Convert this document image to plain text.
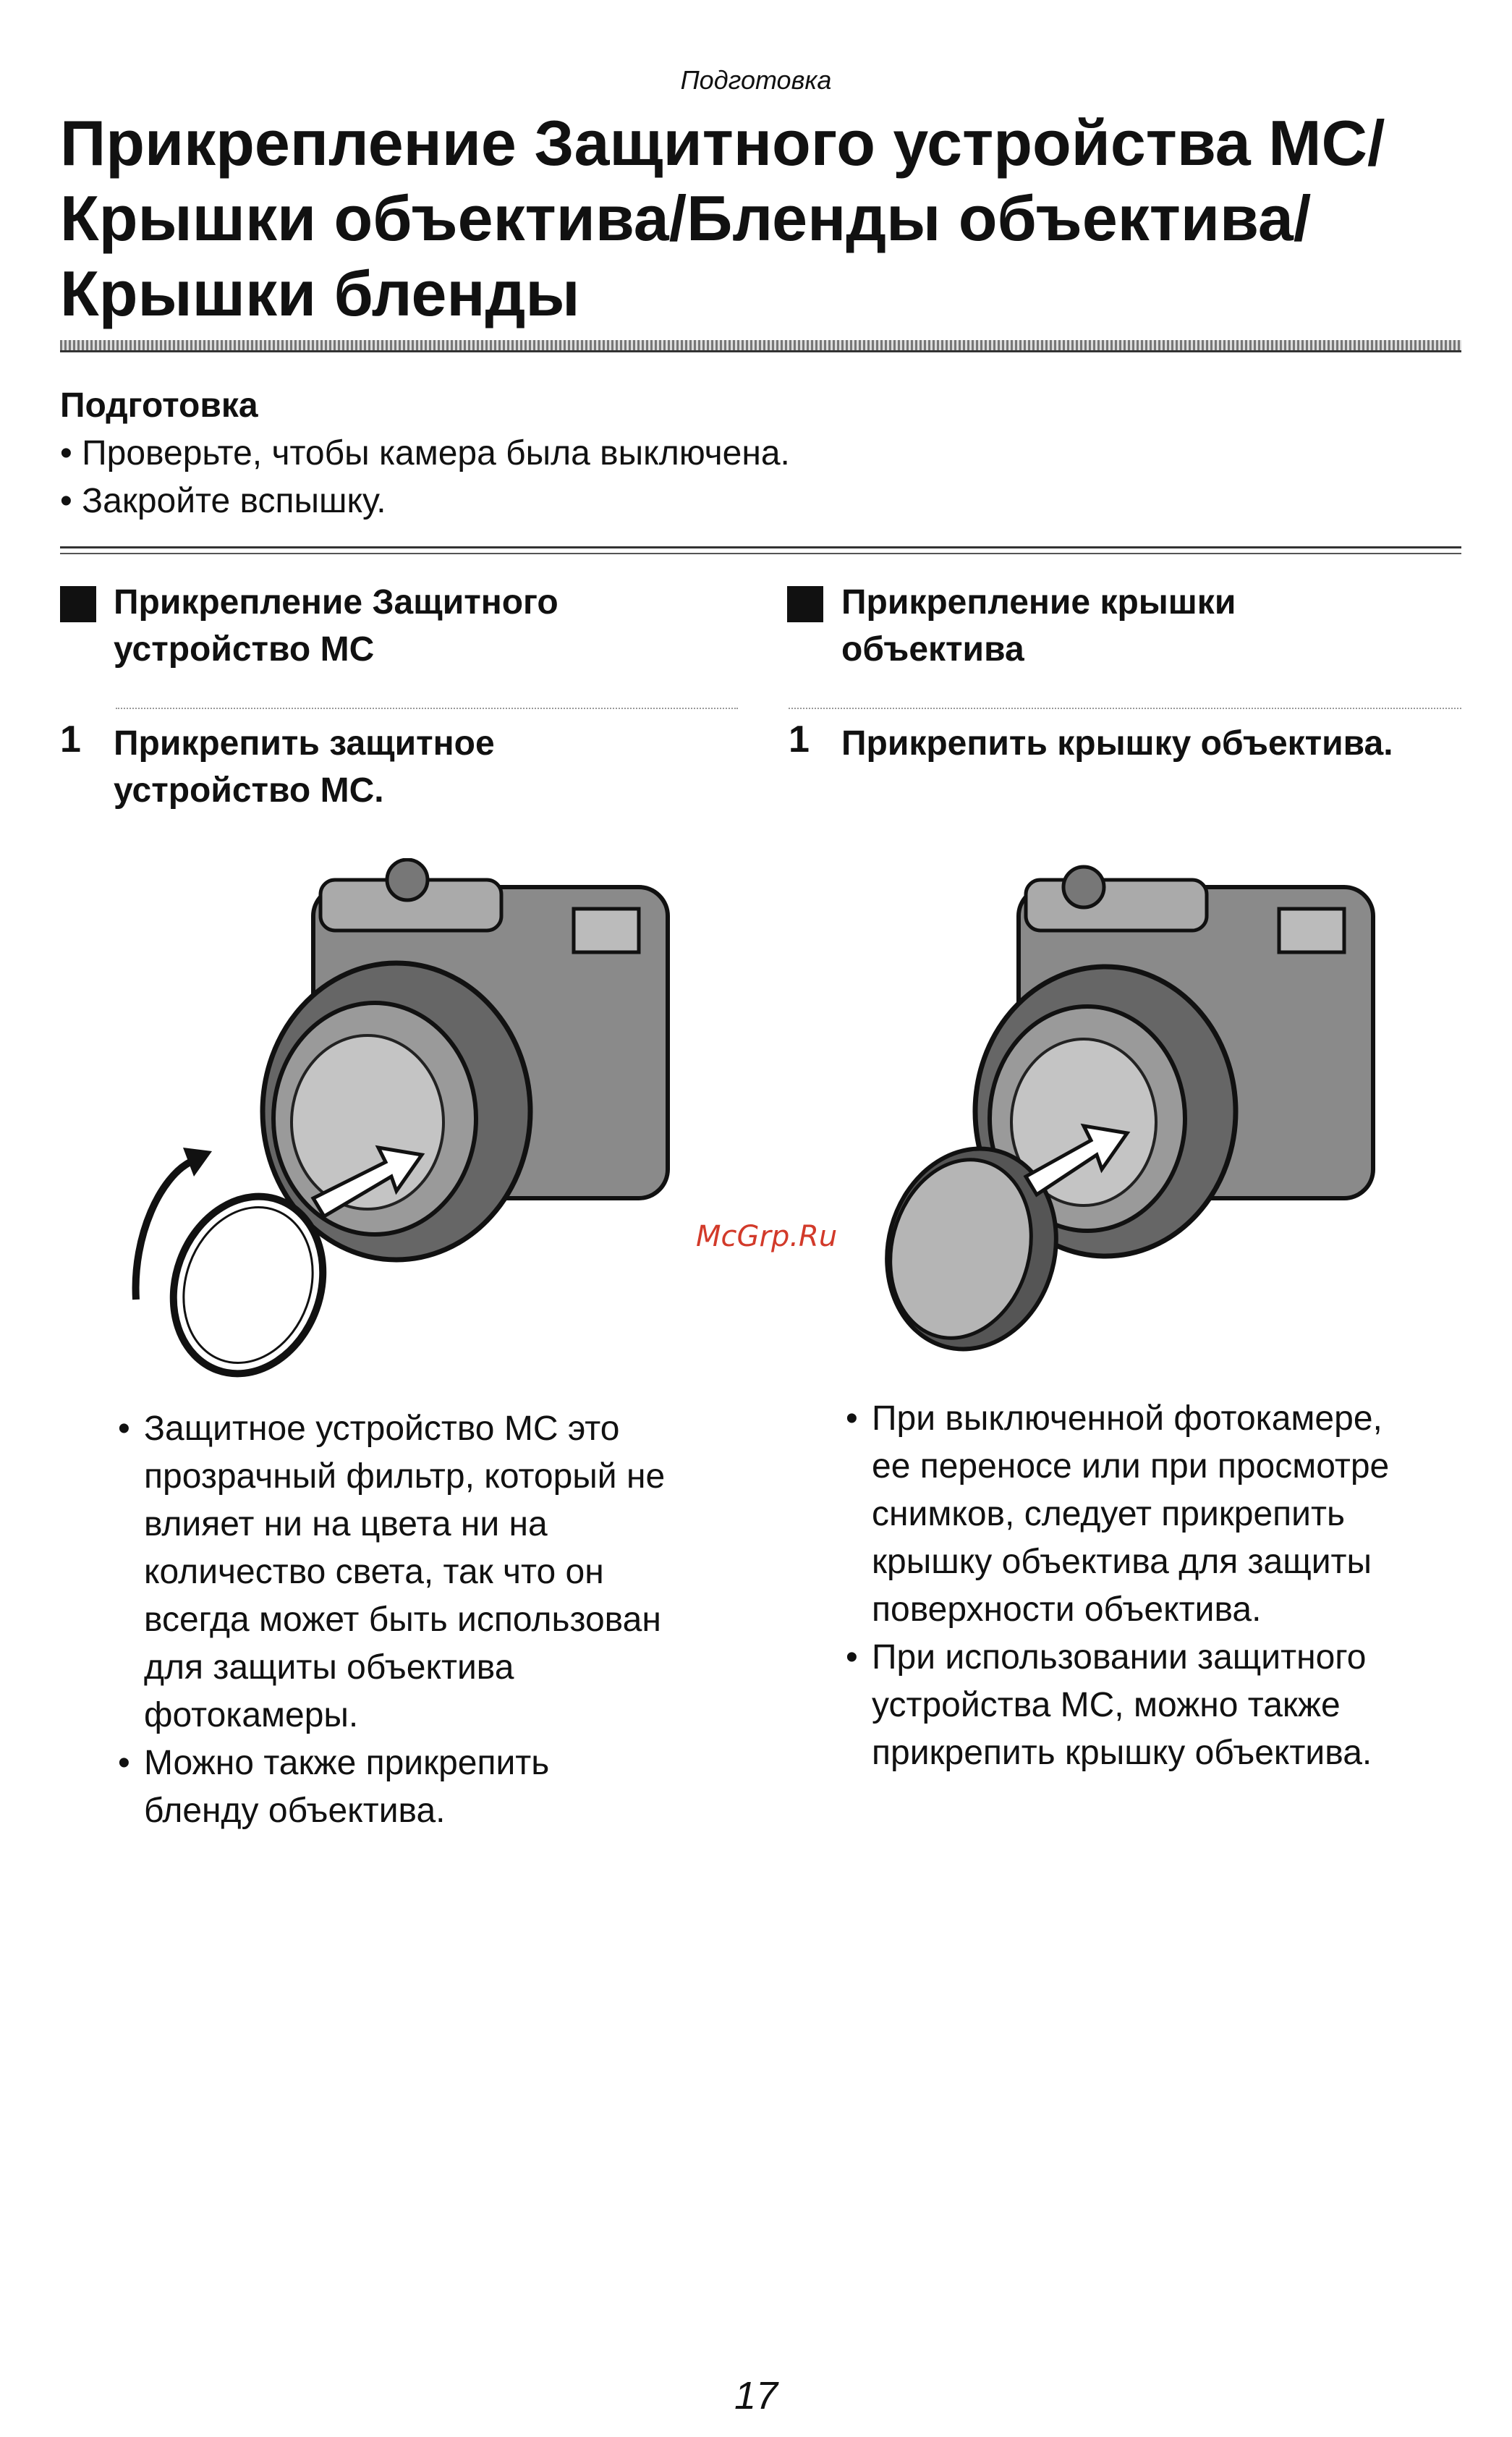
Подготовка
Прикрепление Защитного устройства МС/
Крышки объектива/Бленды объектива/
Крышки бленды
Подготовка
• Проверьте, чтобы камера была выключена.
• Закройте вспышку.
Прикрепление Защитного
устройство МС
1 Прикрепить защитное
устройство МС.
• Защитное устройство МС это
прозрачный фильтр, который не
влияет ни на цвета ни на
количество света, так что он
всегда может быть использован
для защиты объектива
фотокамеры.
• Можно также прикрепить
бленду объектива.
Прикрепление крышки
объектива
1 Прикрепить крышку объектива.
• При выключенной фотокамере,
ее переносе или при просмотре
снимков, следует прикрепить
крышку объектива для защиты
поверхности объектива.
• При использовании защитного
устройства МС, можно также
прикрепить крышку объектива.
McGrp.Ru
17
